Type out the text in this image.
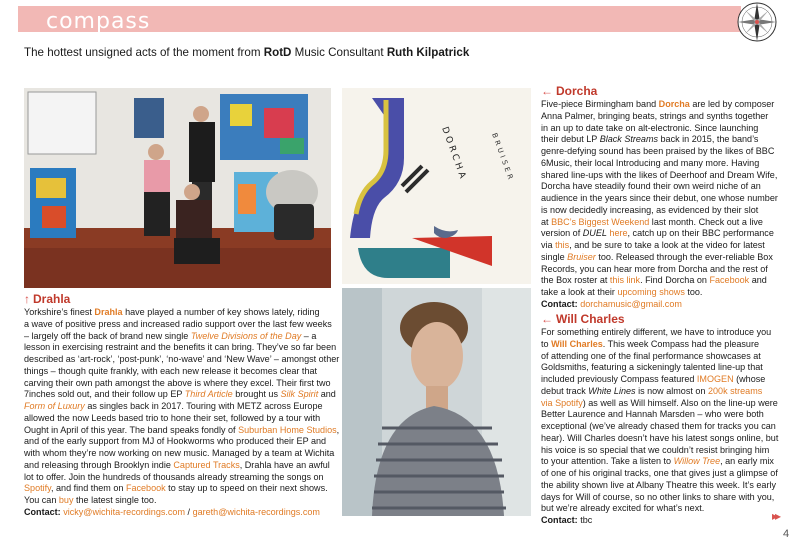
compass
The hottest unsigned acts of the moment from RotD Music Consultant Ruth Kilpatrick
DORCHA	BRUISER
↑ Drahla
Yorkshire’s finest Drahla have played a number of key shows lately, riding
a wave of positive press and increased radio support over the last few weeks
– largely off the back of brand new single Twelve Divisions of the Day – a
lesson in exercising restraint and the benefits it can bring. They’ve so far been
described as ‘art-rock’, ‘post-punk’, ‘no-wave’ and ‘New Wave’ – amongst other
things – though quite frankly, with each new release it becomes clear that
carving their own path amongst the above is where they excel. Their first two
7inches sold out, and their follow up EP Third Article brought us Silk Spirit and
Form of Luxury as singles back in 2017. Touring with METZ across Europe
allowed the now Leeds based trio to hone their set, followed by a tour with
Ought in April of this year. The band speaks fondly of Suburban Home Studios,
and of the early support from MJ of Hookworms who produced their EP and
with whom they’re now working on new music. Managed by a team at Wichita
and releasing through Brooklyn indie Captured Tracks, Drahla have an awful
lot to offer. Join the hundreds of thousands already streaming the songs on
Spotify, and find them on Facebook to stay up to speed on their next shows.
You can buy the latest single too.
Contact: vicky@wichita-recordings.com / gareth@wichita-recordings.com
← Dorcha
Five-piece Birmingham band Dorcha are led by composer
Anna Palmer, bringing beats, strings and synths together
in an up to date take on alt-electronic. Since launching
their debut LP Black Streams back in 2015, the band’s
genre-defying sound has been praised by the likes of BBC
6Music, their local Introducing and many more. Having
shared line-ups with the likes of Deerhoof and Dream Wife,
Dorcha have steadily found their own weird niche of an
audience in the years since their debut, one whose number
is now decidedly increasing, as evidenced by their slot
at BBC’s Biggest Weekend last month. Check out a live
version of DUEL here, catch up on their BBC performance
via this, and be sure to take a look at the video for latest
single Bruiser too. Released through the ever-reliable Box
Records, you can hear more from Dorcha and the rest of
the Box roster at this link. Find Dorcha on Facebook and
take a look at their upcoming shows too.
Contact: dorchamusic@gmail.com
← Will Charles
For something entirely different, we have to introduce you
to Will Charles. This week Compass had the pleasure
of attending one of the final performance showcases at
Goldsmiths, featuring a sickeningly talented line-up that
included previously Compass featured IMOGEN (whose
debut track White Lines is now almost on 200k streams
via Spotify) as well as Will himself. Also on the line-up were
Better Laurence and Hannah Marsden – who were both
exceptional (we’ve already chased them for tracks you can
hear). Will Charles doesn’t have his latest songs online, but
his voice is so special that we couldn’t resist bringing him
to your attention. Take a listen to Willow Tree, an early mix
of one of his original tracks, one that gives just a glimpse of
the ability shown live at Albany Theatre this week. It’s early
days for Will of course, so no other links to share with you,
but we’re already excited for what’s next.
Contact: tbc	▸▸
4
